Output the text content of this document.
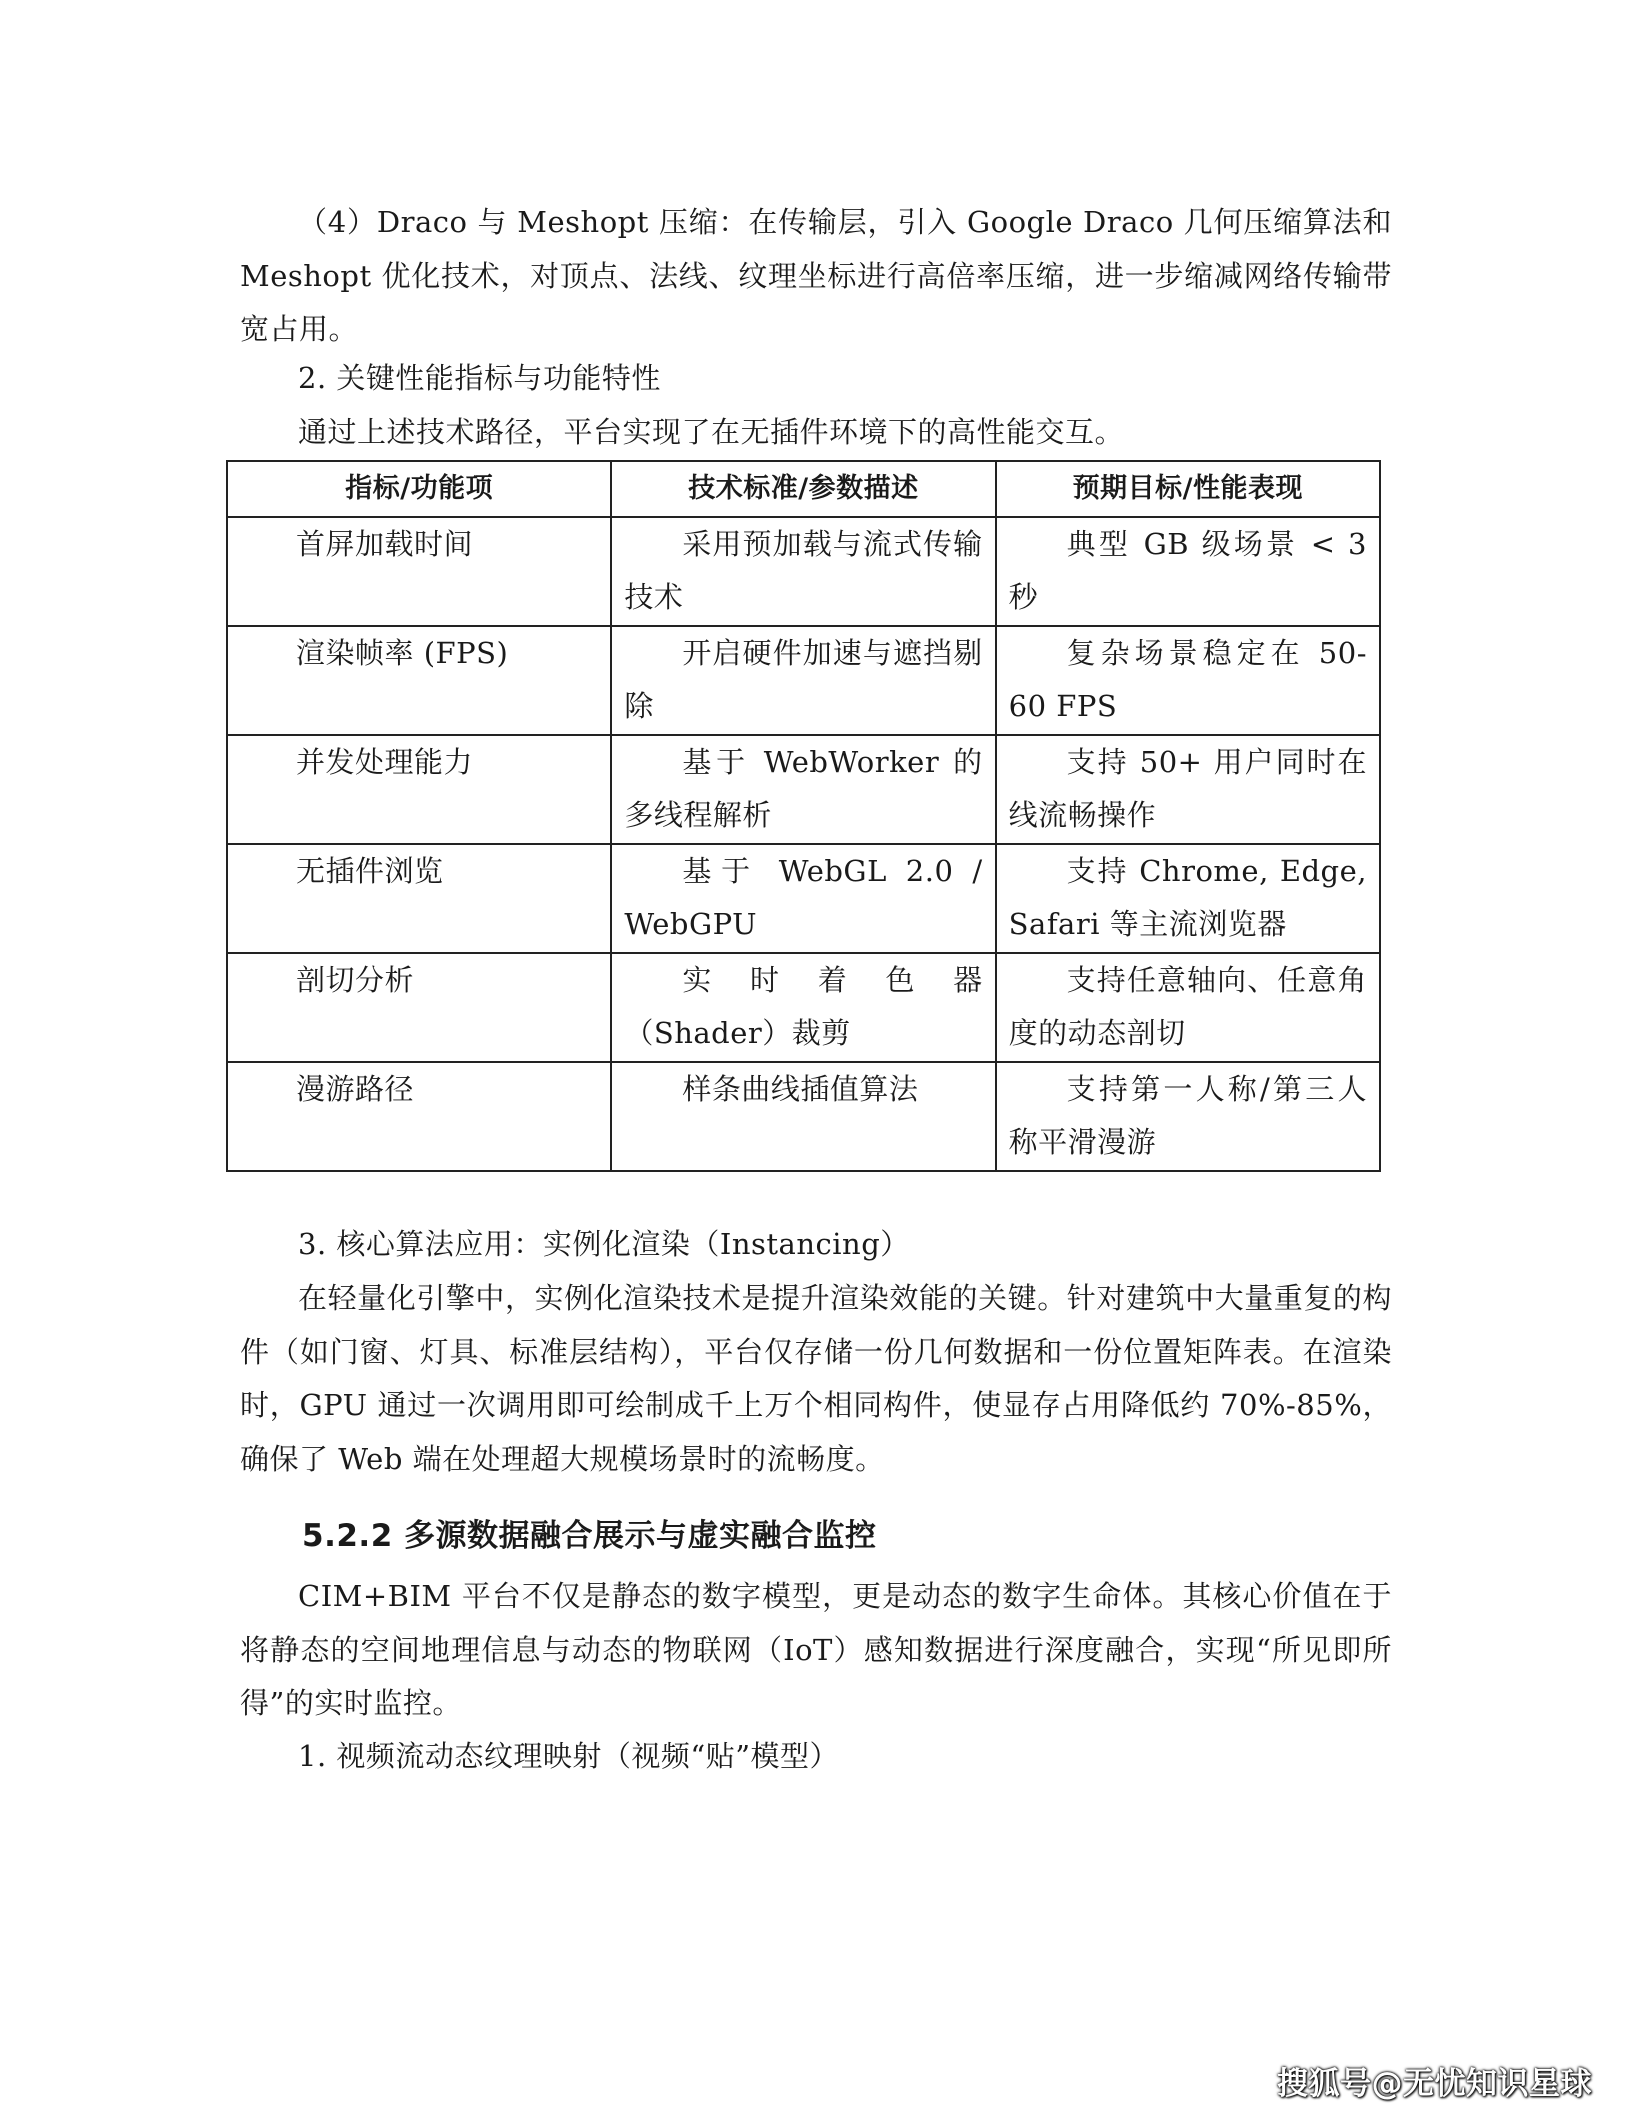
（4）Draco 与 Meshopt 压缩：在传输层，引入 Google Draco 几何压缩算法和 Meshopt 优化技术，对顶点、法线、纹理坐标进行高倍率压缩，进一步缩减网络传输带宽占用。

2. 关键性能指标与功能特性

通过上述技术路径，平台实现了在无插件环境下的高性能交互。

指标/功能项	技术标准/参数描述	预期目标/性能表现
首屏加载时间	采用预加载与流式传输技术	典型 GB 级场景 < 3 秒
渲染帧率 (FPS)	开启硬件加速与遮挡剔除	复杂场景稳定在 50-60 FPS
并发处理能力	基于 WebWorker 的多线程解析	支持 50+ 用户同时在线流畅操作
无插件浏览	基于 WebGL 2.0 / WebGPU	支持 Chrome, Edge, Safari 等主流浏览器
剖切分析	实时着色器（Shader）裁剪	支持任意轴向、任意角度的动态剖切
漫游路径	样条曲线插值算法	支持第一人称/第三人称平滑漫游

3. 核心算法应用：实例化渲染（Instancing）

在轻量化引擎中，实例化渲染技术是提升渲染效能的关键。针对建筑中大量重复的构件（如门窗、灯具、标准层结构），平台仅存储一份几何数据和一份位置矩阵表。在渲染时，GPU 通过一次调用即可绘制成千上万个相同构件，使显存占用降低约 70%-85%，确保了 Web 端在处理超大规模场景时的流畅度。

5.2.2 多源数据融合展示与虚实融合监控

CIM+BIM 平台不仅是静态的数字模型，更是动态的数字生命体。其核心价值在于将静态的空间地理信息与动态的物联网（IoT）感知数据进行深度融合，实现“所见即所得”的实时监控。

1. 视频流动态纹理映射（视频“贴”模型）

搜狐号@无忧知识星球
